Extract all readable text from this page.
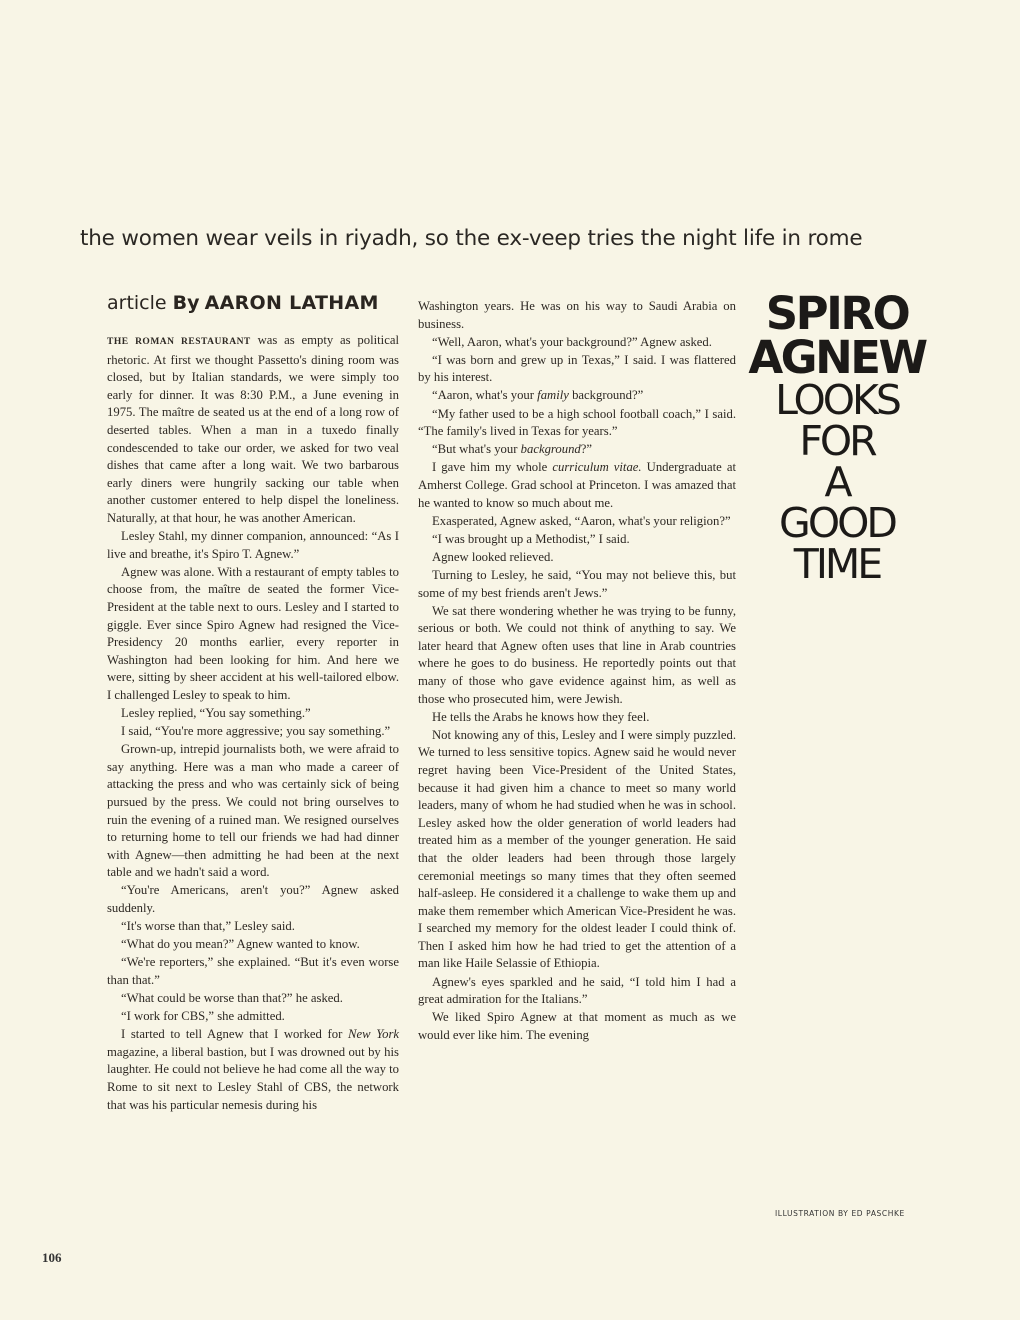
the women wear veils in riyadh, so the ex-veep tries the night life in rome
article By AARON LATHAM

THE ROMAN RESTAURANT was as empty as political rhetoric. At first we thought Passetto's dining room was closed, but by Italian standards, we were simply too early for dinner. It was 8:30 P.M., a June evening in 1975. The maître de seated us at the end of a long row of deserted tables. When a man in a tuxedo finally condescended to take our order, we asked for two veal dishes that came after a long wait. We two barbarous early diners were hungrily sacking our table when another customer entered to help dispel the loneliness. Naturally, at that hour, he was another American.

Lesley Stahl, my dinner companion, announced: “As I live and breathe, it's Spiro T. Agnew.”

Agnew was alone. With a restaurant of empty tables to choose from, the maître de seated the former Vice-President at the table next to ours. Lesley and I started to giggle. Ever since Spiro Agnew had resigned the Vice-Presidency 20 months earlier, every reporter in Washington had been looking for him. And here we were, sitting by sheer accident at his well-tailored elbow. I challenged Lesley to speak to him.

Lesley replied, “You say something.”

I said, “You're more aggressive; you say something.”

Grown-up, intrepid journalists both, we were afraid to say anything. Here was a man who made a career of attacking the press and who was certainly sick of being pursued by the press. We could not bring ourselves to ruin the evening of a ruined man. We resigned ourselves to returning home to tell our friends we had had dinner with Agnew—then admitting he had been at the next table and we hadn't said a word.

“You're Americans, aren't you?” Agnew asked suddenly.

“It's worse than that,” Lesley said.

“What do you mean?” Agnew wanted to know.

“We're reporters,” she explained. “But it's even worse than that.”

“What could be worse than that?” he asked.

“I work for CBS,” she admitted.

I started to tell Agnew that I worked for New York magazine, a liberal bastion, but I was drowned out by his laughter. He could not believe he had come all the way to Rome to sit next to Lesley Stahl of CBS, the network that was his particular nemesis during his

Washington years. He was on his way to Saudi Arabia on business.

“Well, Aaron, what's your background?” Agnew asked.

“I was born and grew up in Texas,” I said. I was flattered by his interest.

“Aaron, what's your family background?”

“My father used to be a high school football coach,” I said. “The family's lived in Texas for years.”

“But what's your background?”

I gave him my whole curriculum vitae. Undergraduate at Amherst College. Grad school at Princeton. I was amazed that he wanted to know so much about me.

Exasperated, Agnew asked, “Aaron, what's your religion?”

“I was brought up a Methodist,” I said.

Agnew looked relieved.

Turning to Lesley, he said, “You may not believe this, but some of my best friends aren't Jews.”

We sat there wondering whether he was trying to be funny, serious or both. We could not think of anything to say. We later heard that Agnew often uses that line in Arab countries where he goes to do business. He reportedly points out that many of those who gave evidence against him, as well as those who prosecuted him, were Jewish.

He tells the Arabs he knows how they feel.

Not knowing any of this, Lesley and I were simply puzzled. We turned to less sensitive topics. Agnew said he would never regret having been Vice-President of the United States, because it had given him a chance to meet so many world leaders, many of whom he had studied when he was in school. Lesley asked how the older generation of world leaders had treated him as a member of the younger generation. He said that the older leaders had been through those largely ceremonial meetings so many times that they often seemed half-asleep. He considered it a challenge to wake them up and make them remember which American Vice-President he was. I searched my memory for the oldest leader I could think of. Then I asked him how he had tried to get the attention of a man like Haile Selassie of Ethiopia.

Agnew's eyes sparkled and he said, “I told him I had a great admiration for the Italians.”

We liked Spiro Agnew at that moment as much as we would ever like him. The evening

SPIRO
AGNEW
LOOKS
FOR
A
GOOD
TIME
ILLUSTRATION BY ED PASCHKE
106
